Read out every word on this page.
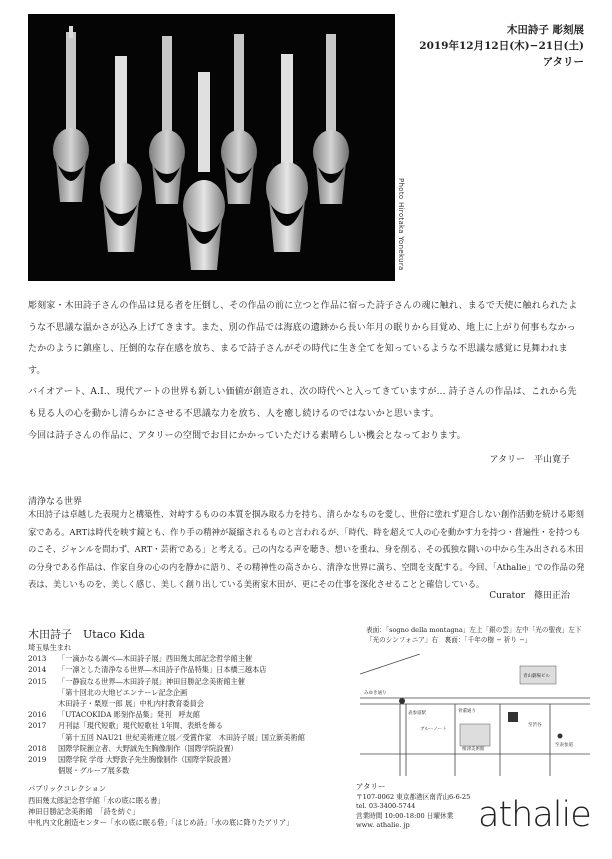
Photo Hirotaka Yonekura
木田詩子 彫刻展
2019年12月12日(木)−21日(土)
アタリー

彫刻家・木田詩子さんの作品は見る者を圧倒し、その作品の前に立つと作品に宿った詩子さんの魂に触れ、まるで天使に触れられたような不思議な温かさが込み上げてきます。また、別の作品では海底の遺跡から長い年月の眠りから目覚め、地上に上がり何事もなかったかのように鎮座し、圧倒的な存在感を放ち、まるで詩子さんがその時代に生き全てを知っているような不思議な感覚に見舞われます。

バイオアート、A.I.、現代アートの世界も新しい価値が創造され、次の時代へと入ってきていますが… 詩子さんの作品は、これから先も見る人の心を動かし清らかにさせる不思議な力を放ち、人を癒し続けるのではないかと思います。

今回は詩子さんの作品に、アタリーの空間でお目にかかっていただける素晴らしい機会となっております。

アタリー　平山寛子
清浄なる世界
木田詩子は卓越した表現力と構築性、対峙するものの本質を掴み取る力を持ち、清らかなものを愛し、世俗に塗れず迎合しない創作活動を続ける彫刻家である。ARTは時代を映す鏡とも、作り手の精神が凝縮されるものと言われるが、「時代、時を超えて人の心を動かす力を持つ・普遍性・を持つものこそ、ジャンルを問わず、ART・芸術である」と考える。己の内なる声を聴き、想いを重ね、身を削る、その孤独な闘いの中から生み出される木田の分身である作品は、作家自身の心の内を静かに語り、その精神性の高さから、清浄な世界に満ち、空間を支配する。今回、「Athalie」での作品の発表は、美しいものを、美しく感じ、美しく創り出している美術家木田が、更にその仕事を深化させることと確信している。
Curator　篠田正治
木田詩子　Utaco Kida
埼玉県生まれ
2013	「一滴かなる調べ―木田詩子展」西田幾太郎記念哲学館主催
2014	「一凛とした清浄なる世界―木田詩子作品特集」日本橋三越本店
2015	「一静寂なる世界―木田詩子展」神田目勝記念美術館主催
「第十回北の大地ビエンナーレ記念企画
木田詩子・栗原一郎 展」中札内村教育委員会
2016	「UTACOKIDA 彫刻作品集」発刊　呼友館
2017	月刊誌「現代短歌」現代短歌社 1年間、表紙を飾る
「第十五回 NAU21 世紀美術連立展／受賞作家　木田詩子展」国立新美術館
2018	国際学院創立者、大野誠先生胸像制作（国際学院設置）
2019	国際学院 学母 大野敦子先生胸像制作（国際学院設置）
個展・グループ展多数
パブリックコレクション
西田幾太郎記念哲学館「水の底に眠る書」
神田日勝記念美術館　「詩を紡ぐ」
中札内文化創造センター「水の底に眠る砦」「はじめ詩」「水の底に降りたアリア」
表面：「sogno della montagna」左上「銀の雲」左中「光の聖夜」左下
「光のシンフォニア」右　裏面：「千年の樹 − 祈り −」
青山劇場ビル
骨董通り
みゆき通り
表参道駅
根津美術館
ブルーノート
至渋谷
至表参道
アタリー
〒107-0062 東京都港区南青山6-6-25
tel. 03-3400-5744
営業時間 10:00-18:00 日曜休業
www. athalie. jp	athalie
